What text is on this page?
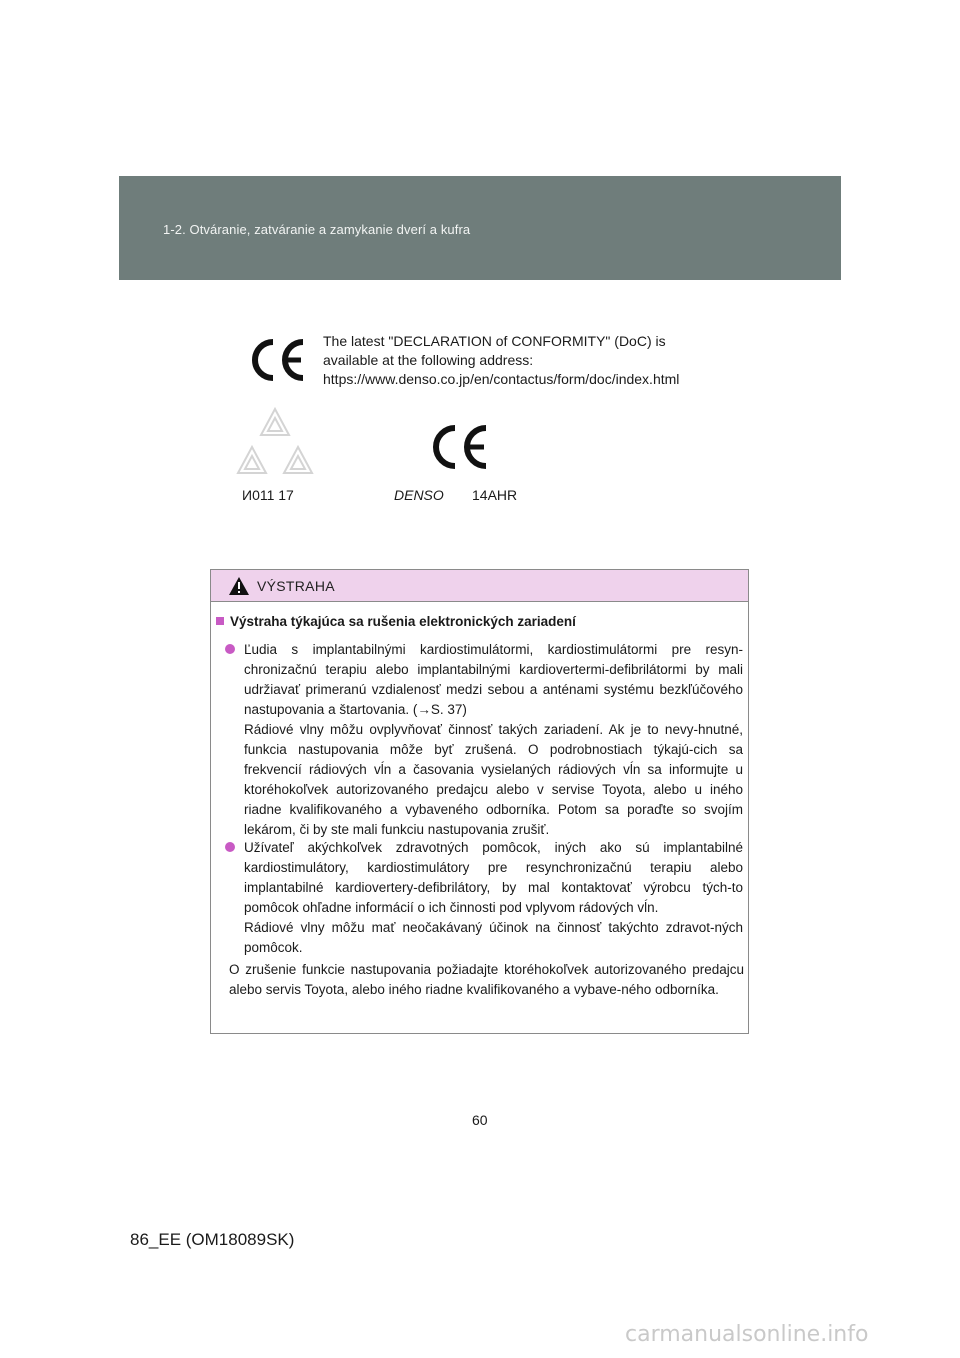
1-2. Otváranie, zatváranie a zamykanie dverí a kufra
The latest "DECLARATION of CONFORMITY" (DoC) is
available at the following address:
https://www.denso.co.jp/en/contactus/form/doc/index.html
И011 17	DENSO 14AHR
VÝSTRAHA
Výstraha týkajúca sa rušenia elektronických zariadení
Ľudia s implantabilnými kardiostimulátormi, kardiostimulátormi pre resyn-chronizačnú terapiu alebo implantabilnými kardiovertermi-defibrilátormi by mali udržiavať primeranú vzdialenosť medzi sebou a anténami systému bezkľúčového nastupovania a štartovania. (→S. 37)
Rádiové vlny môžu ovplyvňovať činnosť takých zariadení. Ak je to nevy-hnutné, funkcia nastupovania môže byť zrušená. O podrobnostiach týkajú-cich sa frekvencií rádiových vĺn a časovania vysielaných rádiových vĺn sa informujte u ktoréhokoľvek autorizovaného predajcu alebo v servise Toyota, alebo u iného riadne kvalifikovaného a vybaveného odborníka. Potom sa poraďte so svojím lekárom, či by ste mali funkciu nastupovania zrušiť.
Užívateľ akýchkoľvek zdravotných pomôcok, iných ako sú implantabilné kardiostimulátory, kardiostimulátory pre resynchronizačnú terapiu alebo implantabilné kardiovertery-defibrilátory, by mal kontaktovať výrobcu tých-to pomôcok ohľadne informácií o ich činnosti pod vplyvom rádových vĺn.
Rádiové vlny môžu mať neočakávaný účinok na činnosť takýchto zdravot-ných pomôcok.
O zrušenie funkcie nastupovania požiadajte ktoréhokoľvek autorizovaného predajcu alebo servis Toyota, alebo iného riadne kvalifikovaného a vybave-ného odborníka.
60
86_EE (OM18089SK)
carmanualsonline.info
